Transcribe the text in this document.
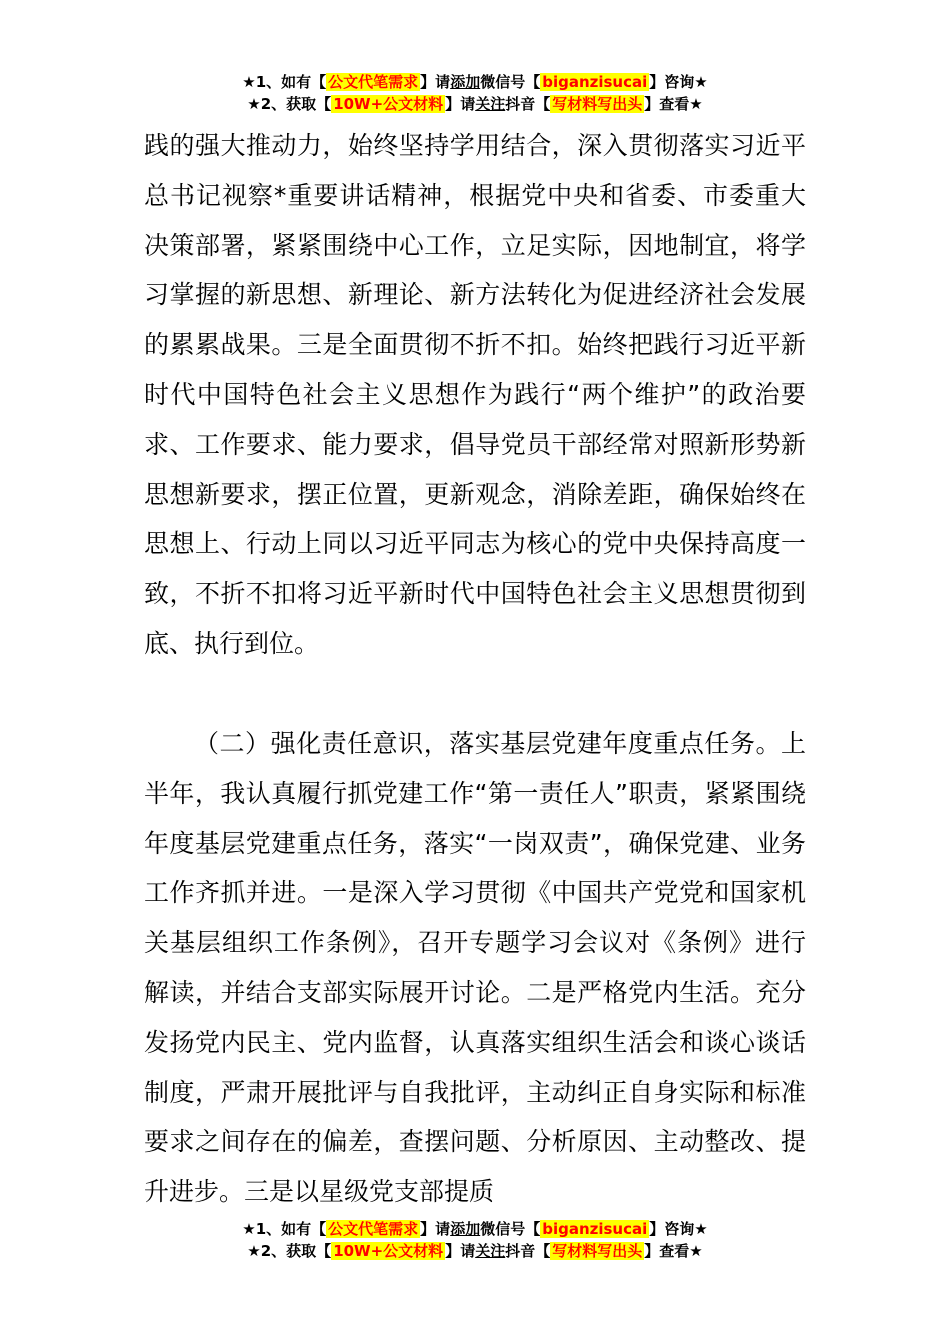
★1、如有【 公文代笔需求 】请添加微信号【 biganzisucai 】咨询★
★2、获取【 10W+公文材料 】请关注抖音【 写材料写出头 】查看★

践的强大推动力，始终坚持学用结合，深入贯彻落实习近平总书记视察*重要讲话精神，根据党中央和省委、市委重大决策部署，紧紧围绕中心工作，立足实际，因地制宜，将学习掌握的新思想、新理论、新方法转化为促进经济社会发展的累累战果。三是全面贯彻不折不扣。始终把践行习近平新时代中国特色社会主义思想作为践行“两个维护”的政治要求、工作要求、能力要求，倡导党员干部经常对照新形势新思想新要求，摆正位置，更新观念，消除差距，确保始终在思想上、行动上同以习近平同志为核心的党中央保持高度一致，不折不扣将习近平新时代中国特色社会主义思想贯彻到底、执行到位。

（二）强化责任意识，落实基层党建年度重点任务。上半年，我认真履行抓党建工作“第一责任人”职责，紧紧围绕年度基层党建重点任务，落实“一岗双责”，确保党建、业务工作齐抓并进。一是深入学习贯彻《中国共产党党和国家机关基层组织工作条例》，召开专题学习会议对《条例》进行解读，并结合支部实际展开讨论。二是严格党内生活。充分发扬党内民主、党内监督，认真落实组织生活会和谈心谈话制度，严肃开展批评与自我批评，主动纠正自身实际和标准要求之间存在的偏差，查摆问题、分析原因、主动整改、提升进步。三是以星级党支部提质

★1、如有【 公文代笔需求 】请添加微信号【 biganzisucai 】咨询★
★2、获取【 10W+公文材料 】请关注抖音【 写材料写出头 】查看★
